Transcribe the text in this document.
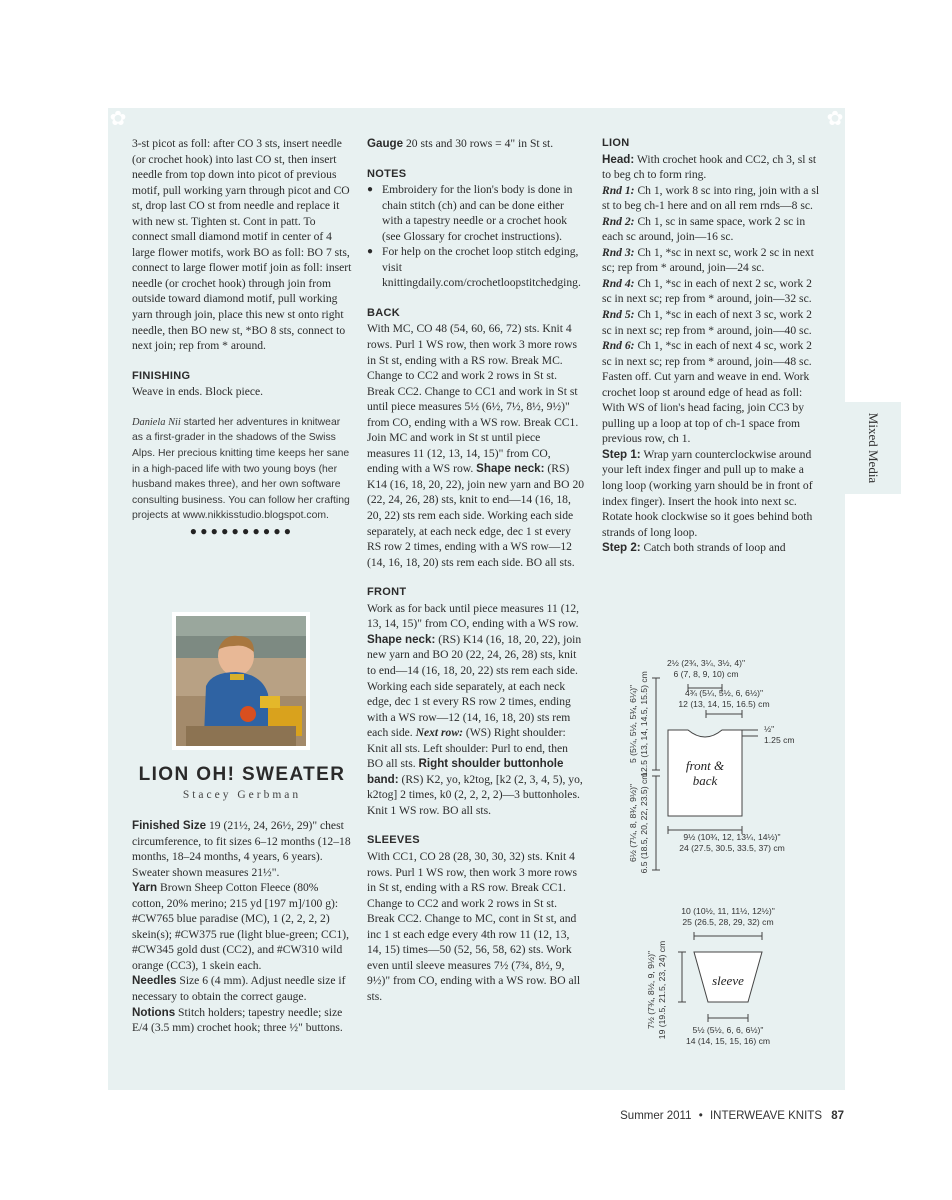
✿	✿
Mixed Media

3-st picot as foll: after CO 3 sts, insert needle (or crochet hook) into last CO st, then insert needle from top down into picot of previous motif, pull working yarn through picot and CO st, drop last CO st from needle and replace it with new st. Tighten st. Cont in patt. To connect small diamond motif in center of 4 large flower motifs, work BO as foll: BO 7 sts, connect to large flower motif join as foll: insert needle (or crochet hook) through join from outside toward diamond motif, pull working yarn through join, place this new st onto right needle, then BO new st, *BO 8 sts, connect to next join; rep from * around.

FINISHING

Weave in ends. Block piece.

Daniela Nii started her adventures in knitwear as a first-grader in the shadows of the Swiss Alps. Her precious knitting time keeps her sane in a high-paced life with two young boys (her husband makes three), and her own software consulting business. You can follow her crafting projects at www.nikkisstudio.blogspot.com.

●●●●●●●●●●

LION OH! SWEATER

Stacey Gerbman

Finished Size 19 (21½, 24, 26½, 29)" chest circumference, to fit sizes 6–12 months (12–18 months, 18–24 months, 4 years, 6 years). Sweater shown measures 21½".

Yarn Brown Sheep Cotton Fleece (80% cotton, 20% merino; 215 yd [197 m]/100 g): #CW765 blue paradise (MC), 1 (2, 2, 2, 2) skein(s); #CW375 rue (light blue-green; CC1), #CW345 gold dust (CC2), and #CW310 wild orange (CC3), 1 skein each.

Needles Size 6 (4 mm). Adjust needle size if necessary to obtain the correct gauge.

Notions Stitch holders; tapestry needle; size E/4 (3.5 mm) crochet hook; three ½" buttons.

Gauge 20 sts and 30 rows = 4" in St st.

NOTES

● Embroidery for the lion's body is done in chain stitch (ch) and can be done either with a tapestry needle or a crochet hook (see Glossary for crochet instructions).
● For help on the crochet loop stitch edging, visit knittingdaily.com/crochetloopstitchedging.

BACK

With MC, CO 48 (54, 60, 66, 72) sts. Knit 4 rows. Purl 1 WS row, then work 3 more rows in St st, ending with a RS row. Break MC. Change to CC2 and work 2 rows in St st. Break CC2. Change to CC1 and work in St st until piece measures 5½ (6½, 7½, 8½, 9½)" from CO, ending with a WS row. Break CC1. Join MC and work in St st until piece measures 11 (12, 13, 14, 15)" from CO, ending with a WS row. Shape neck: (RS) K14 (16, 18, 20, 22), join new yarn and BO 20 (22, 24, 26, 28) sts, knit to end—14 (16, 18, 20, 22) sts rem each side. Working each side separately, at each neck edge, dec 1 st every RS row 2 times, ending with a WS row—12 (14, 16, 18, 20) sts rem each side. BO all sts.

FRONT

Work as for back until piece measures 11 (12, 13, 14, 15)" from CO, ending with a WS row. Shape neck: (RS) K14 (16, 18, 20, 22), join new yarn and BO 20 (22, 24, 26, 28) sts, knit to end—14 (16, 18, 20, 22) sts rem each side. Working each side separately, at each neck edge, dec 1 st every RS row 2 times, ending with a WS row—12 (14, 16, 18, 20) sts rem each side. Next row: (WS) Right shoulder: Knit all sts. Left shoulder: Purl to end, then BO all sts. Right shoulder buttonhole band: (RS) K2, yo, k2tog, [k2 (2, 3, 4, 5), yo, k2tog] 2 times, k0 (2, 2, 2, 2)—3 buttonholes. Knit 1 WS row. BO all sts.

SLEEVES

With CC1, CO 28 (28, 30, 30, 32) sts. Knit 4 rows. Purl 1 WS row, then work 3 more rows in St st, ending with a RS row. Break CC1. Change to CC2 and work 2 rows in St st. Break CC2. Change to MC, cont in St st, and inc 1 st each edge every 4th row 11 (12, 13, 14, 15) times—50 (52, 56, 58, 62) sts. Work even until sleeve measures 7½ (7¾, 8½, 9, 9½)" from CO, ending with a WS row. BO all sts.

LION

Head: With crochet hook and CC2, ch 3, sl st to beg ch to form ring.

Rnd 1: Ch 1, work 8 sc into ring, join with a sl st to beg ch-1 here and on all rem rnds—8 sc.

Rnd 2: Ch 1, sc in same space, work 2 sc in each sc around, join—16 sc.

Rnd 3: Ch 1, *sc in next sc, work 2 sc in next sc; rep from * around, join—24 sc.

Rnd 4: Ch 1, *sc in each of next 2 sc, work 2 sc in next sc; rep from * around, join—32 sc.

Rnd 5: Ch 1, *sc in each of next 3 sc, work 2 sc in next sc; rep from * around, join—40 sc.

Rnd 6: Ch 1, *sc in each of next 4 sc, work 2 sc in next sc; rep from * around, join—48 sc.

Fasten off. Cut yarn and weave in end. Work crochet loop st around edge of head as foll: With WS of lion's head facing, join CC3 by pulling up a loop at top of ch-1 space from previous row, ch 1.

Step 1: Wrap yarn counterclockwise around your left index finger and pull up to make a long loop (working yarn should be in front of index finger). Insert the hook into next sc. Rotate hook clockwise so it goes behind both strands of long loop.

Step 2: Catch both strands of loop and

2½ (2¾, 3¼, 3½, 4)"
6 (7, 8, 9, 10) cm
4¾ (5¼, 5½, 6, 6½)"
12 (13, 14, 15, 16.5) cm
½"
1.25 cm
9½ (10¾, 12, 13¼, 14½)"
24 (27.5, 30.5, 33.5, 37) cm
5 (5¼, 5½, 5¾, 6¼)" 12.5 (13, 14, 14.5, 15.5) cm
6½ (7¼, 8, 8¾, 9½)" 6.5 (18.5, 20, 22, 23.5) cm
10 (10½, 11, 11½, 12½)"
25 (26.5, 28, 29, 32) cm
5½ (5½, 6, 6, 6½)"
14 (14, 15, 15, 16) cm
7½ (7¾, 8½, 9, 9½)" 19 (19.5, 21.5, 23, 24) cm
front &
back
sleeve
Summer 2011 • INTERWEAVE KNITS 87
